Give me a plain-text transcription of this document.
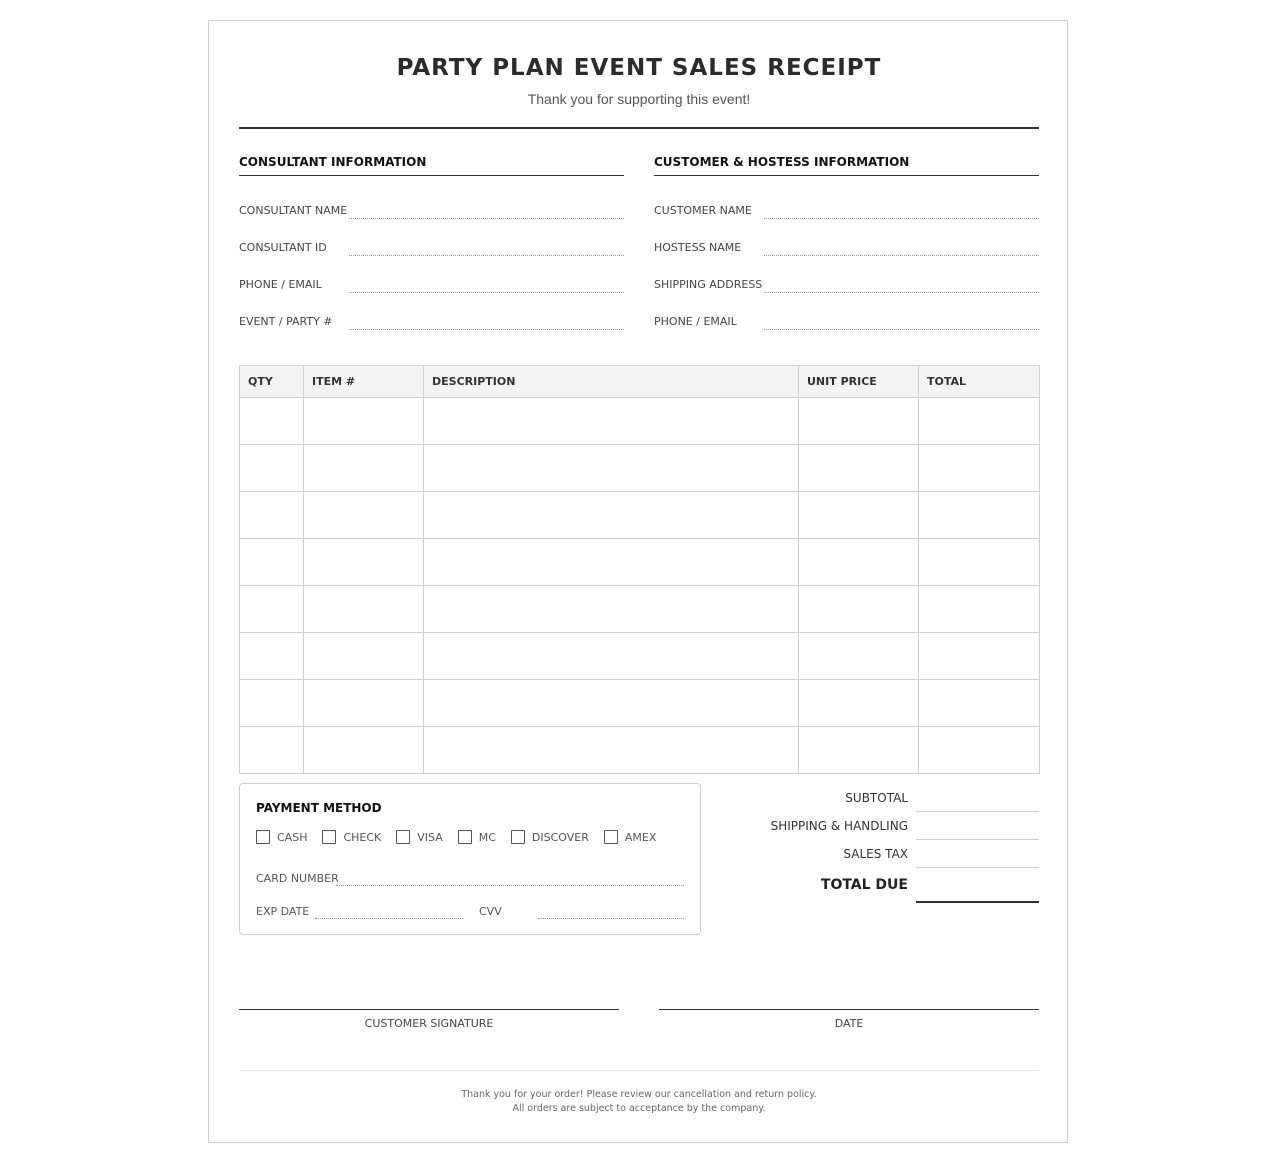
PARTY PLAN EVENT SALES RECEIPT
Thank you for supporting this event!
CONSULTANT INFORMATION
CONSULTANT NAME
CONSULTANT ID
PHONE / EMAIL
EVENT / PARTY #
CUSTOMER & HOSTESS INFORMATION
CUSTOMER NAME
HOSTESS NAME
SHIPPING ADDRESS
PHONE / EMAIL
QTY	ITEM #	DESCRIPTION	UNIT PRICE	TOTAL

PAYMENT METHOD
CASH	CHECK	VISA	MC	DISCOVER	AMEX
CARD NUMBER
EXP DATE	CVV
SUBTOTAL
SHIPPING & HANDLING
SALES TAX
TOTAL DUE
CUSTOMER SIGNATURE	DATE
Thank you for your order! Please review our cancellation and return policy.
All orders are subject to acceptance by the company.
